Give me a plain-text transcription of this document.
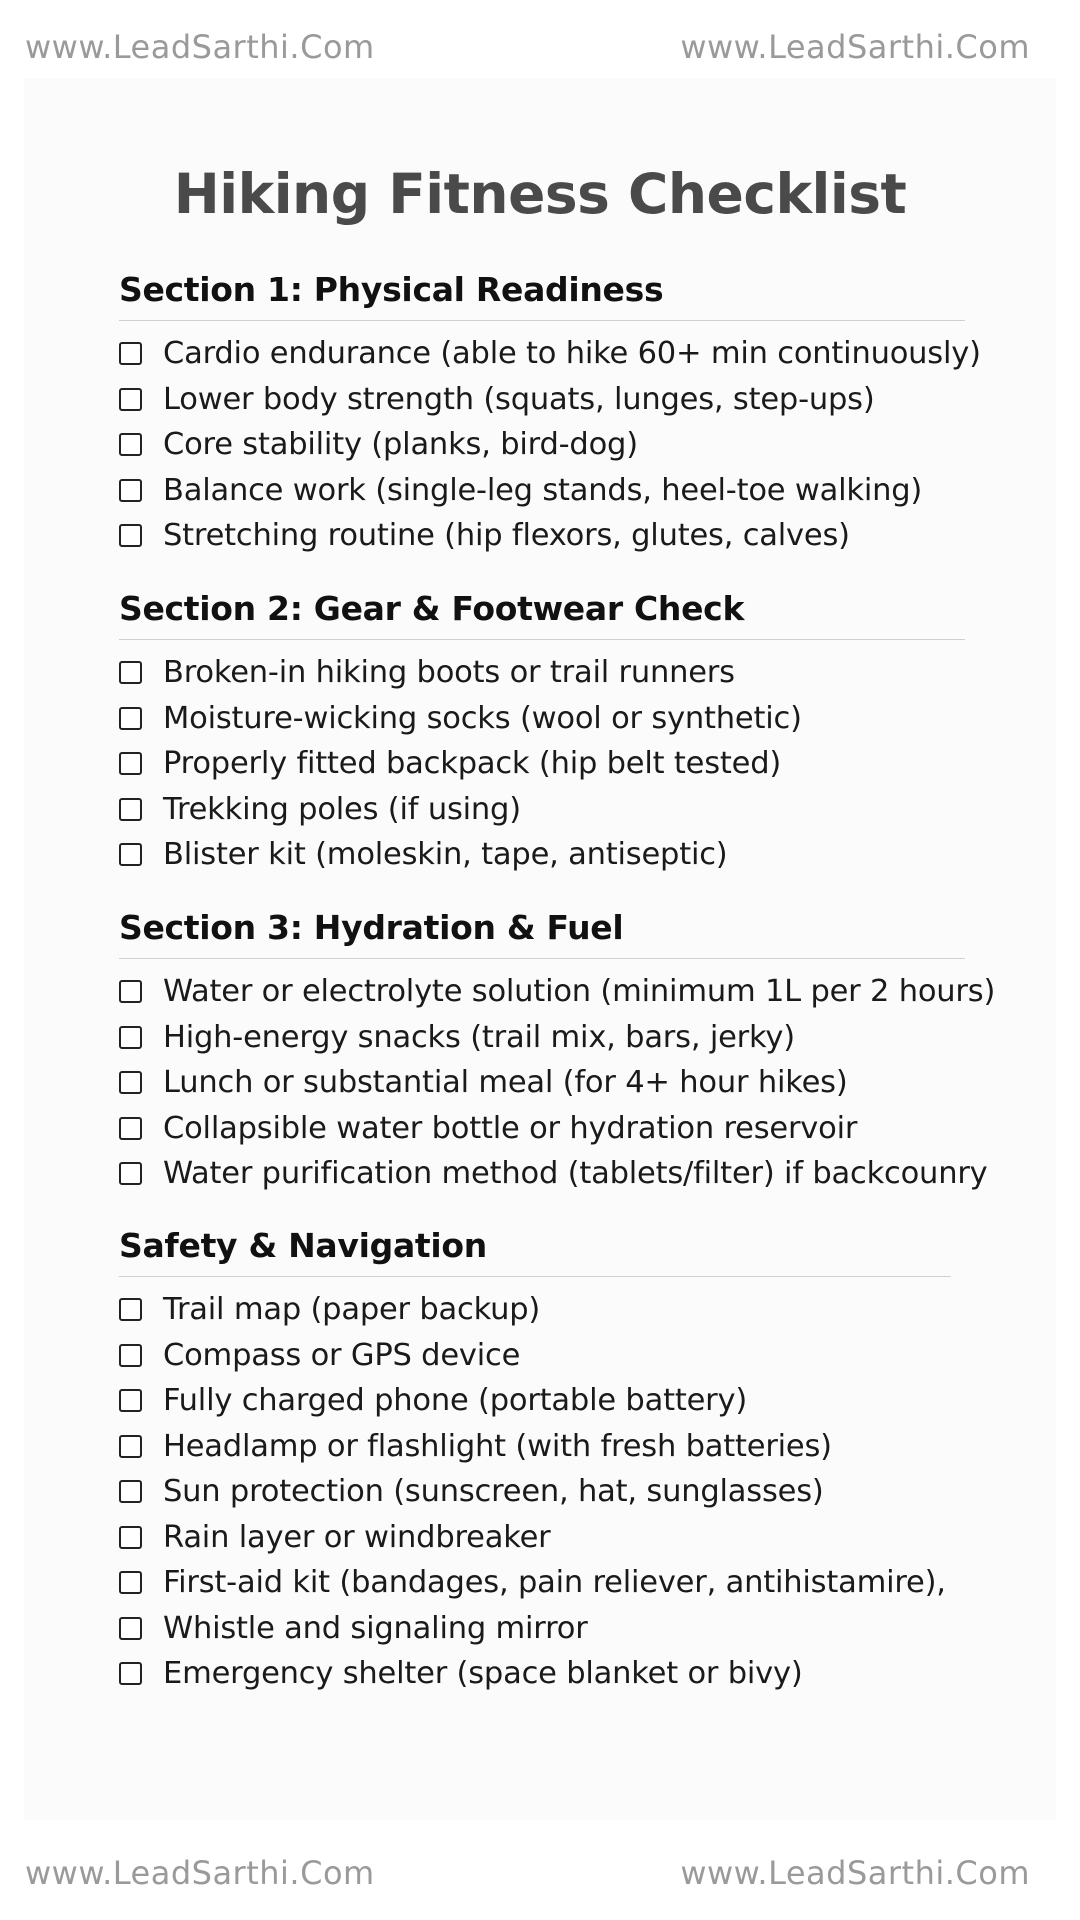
www.LeadSarthi.Com	www.LeadSarthi.Com
Hiking Fitness Checklist
Section 1: Physical Readiness
Cardio endurance (able to hike 60+ min continuously)
Lower body strength (squats, lunges, step-ups)
Core stability (planks, bird-dog)
Balance work (single-leg stands, heel-toe walking)
Stretching routine (hip flexors, glutes, calves)
Section 2: Gear & Footwear Check
Broken-in hiking boots or trail runners
Moisture-wicking socks (wool or synthetic)
Properly fitted backpack (hip belt tested)
Trekking poles (if using)
Blister kit (moleskin, tape, antiseptic)
Section 3: Hydration & Fuel
Water or electrolyte solution (minimum 1L per 2 hours)
High-energy snacks (trail mix, bars, jerky)
Lunch or substantial meal (for 4+ hour hikes)
Collapsible water bottle or hydration reservoir
Water purification method (tablets/filter) if backcounry
Safety & Navigation
Trail map (paper backup)
Compass or GPS device
Fully charged phone (portable battery)
Headlamp or flashlight (with fresh batteries)
Sun protection (sunscreen, hat, sunglasses)
Rain layer or windbreaker
First-aid kit (bandages, pain reliever, antihistamire),
Whistle and signaling mirror
Emergency shelter (space blanket or bivy)
www.LeadSarthi.Com	www.LeadSarthi.Com
